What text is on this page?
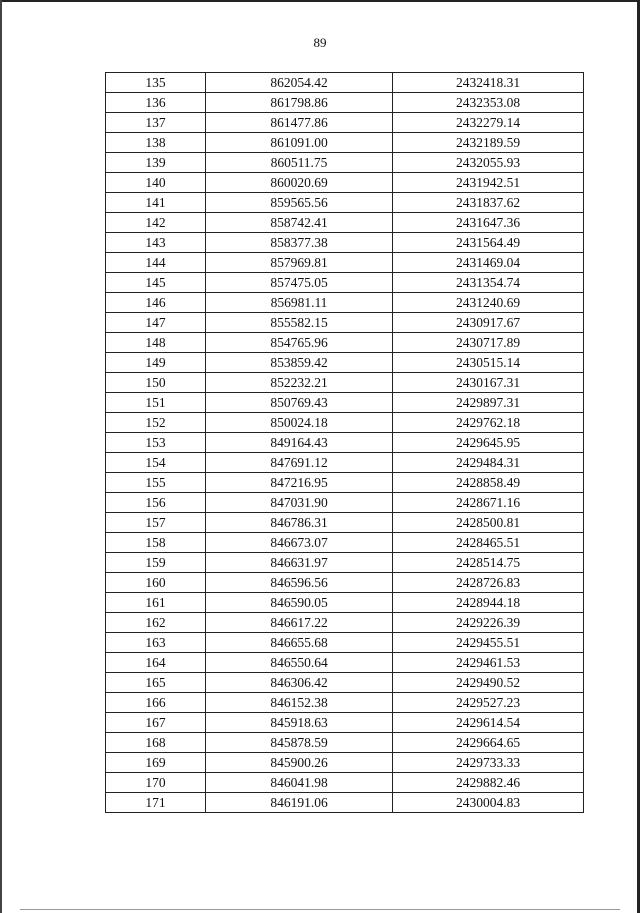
89
135	862054.42	2432418.31
136	861798.86	2432353.08
137	861477.86	2432279.14
138	861091.00	2432189.59
139	860511.75	2432055.93
140	860020.69	2431942.51
141	859565.56	2431837.62
142	858742.41	2431647.36
143	858377.38	2431564.49
144	857969.81	2431469.04
145	857475.05	2431354.74
146	856981.11	2431240.69
147	855582.15	2430917.67
148	854765.96	2430717.89
149	853859.42	2430515.14
150	852232.21	2430167.31
151	850769.43	2429897.31
152	850024.18	2429762.18
153	849164.43	2429645.95
154	847691.12	2429484.31
155	847216.95	2428858.49
156	847031.90	2428671.16
157	846786.31	2428500.81
158	846673.07	2428465.51
159	846631.97	2428514.75
160	846596.56	2428726.83
161	846590.05	2428944.18
162	846617.22	2429226.39
163	846655.68	2429455.51
164	846550.64	2429461.53
165	846306.42	2429490.52
166	846152.38	2429527.23
167	845918.63	2429614.54
168	845878.59	2429664.65
169	845900.26	2429733.33
170	846041.98	2429882.46
171	846191.06	2430004.83
